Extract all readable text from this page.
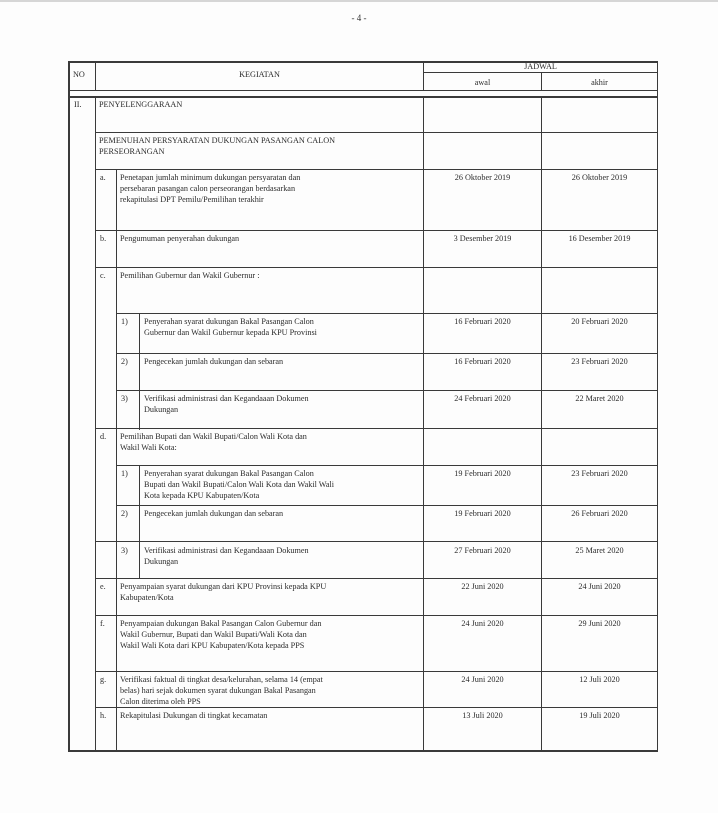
- 4 -
NO	KEGIATAN
JADWAL
awal	akhir
II. PENYELENGGARAAN
PEMENUHAN PERSYARATAN DUKUNGAN PASANGAN CALON
PERSEORANGAN
a. Penetapan jumlah minimum dukungan persyaratan dan
persebaran pasangan calon perseorangan berdasarkan
rekapitulasi DPT Pemilu/Pemilihan terakhir
26 Oktober 2019	26 Oktober 2019
b. Pengumuman penyerahan dukungan	3 Desember 2019	16 Desember 2019
c. Pemilihan Gubernur dan Wakil Gubernur :
1) Penyerahan syarat dukungan Bakal Pasangan Calon
Gubernur dan Wakil Gubernur kepada KPU Provinsi
16 Februari 2020	20 Februari 2020
2) Pengecekan jumlah dukungan dan sebaran	16 Februari 2020	23 Februari 2020
3) Verifikasi administrasi dan Kegandaaan Dokumen
Dukungan
24 Februari 2020	22 Maret 2020
d. Pemilihan Bupati dan Wakil Bupati/Calon Wali Kota dan
Wakil Wali Kota:
1) Penyerahan syarat dukungan Bakal Pasangan Calon
Bupati dan Wakil Bupati/Calon Wali Kota dan Wakil Wali
Kota kepada KPU Kabupaten/Kota
19 Februari 2020	23 Februari 2020
2) Pengecekan jumlah dukungan dan sebaran	19 Februari 2020	26 Februari 2020
3) Verifikasi administrasi dan Kegandaaan Dokumen
Dukungan
27 Februari 2020	25 Maret 2020
e. Penyampaian syarat dukungan dari KPU Provinsi kepada KPU
Kabupaten/Kota
22 Juni 2020	24 Juni 2020
f. Penyampaian dukungan Bakal Pasangan Calon Gubernur dan
Wakil Gubernur, Bupati dan Wakil Bupati/Wali Kota dan
Wakil Wali Kota dari KPU Kabupaten/Kota kepada PPS
24 Juni 2020	29 Juni 2020
g. Verifikasi faktual di tingkat desa/kelurahan, selama 14 (empat
belas) hari sejak dokumen syarat dukungan Bakal Pasangan
Calon diterima oleh PPS
24 Juni 2020	12 Juli 2020
h. Rekapitulasi Dukungan di tingkat kecamatan	13 Juli 2020	19 Juli 2020
